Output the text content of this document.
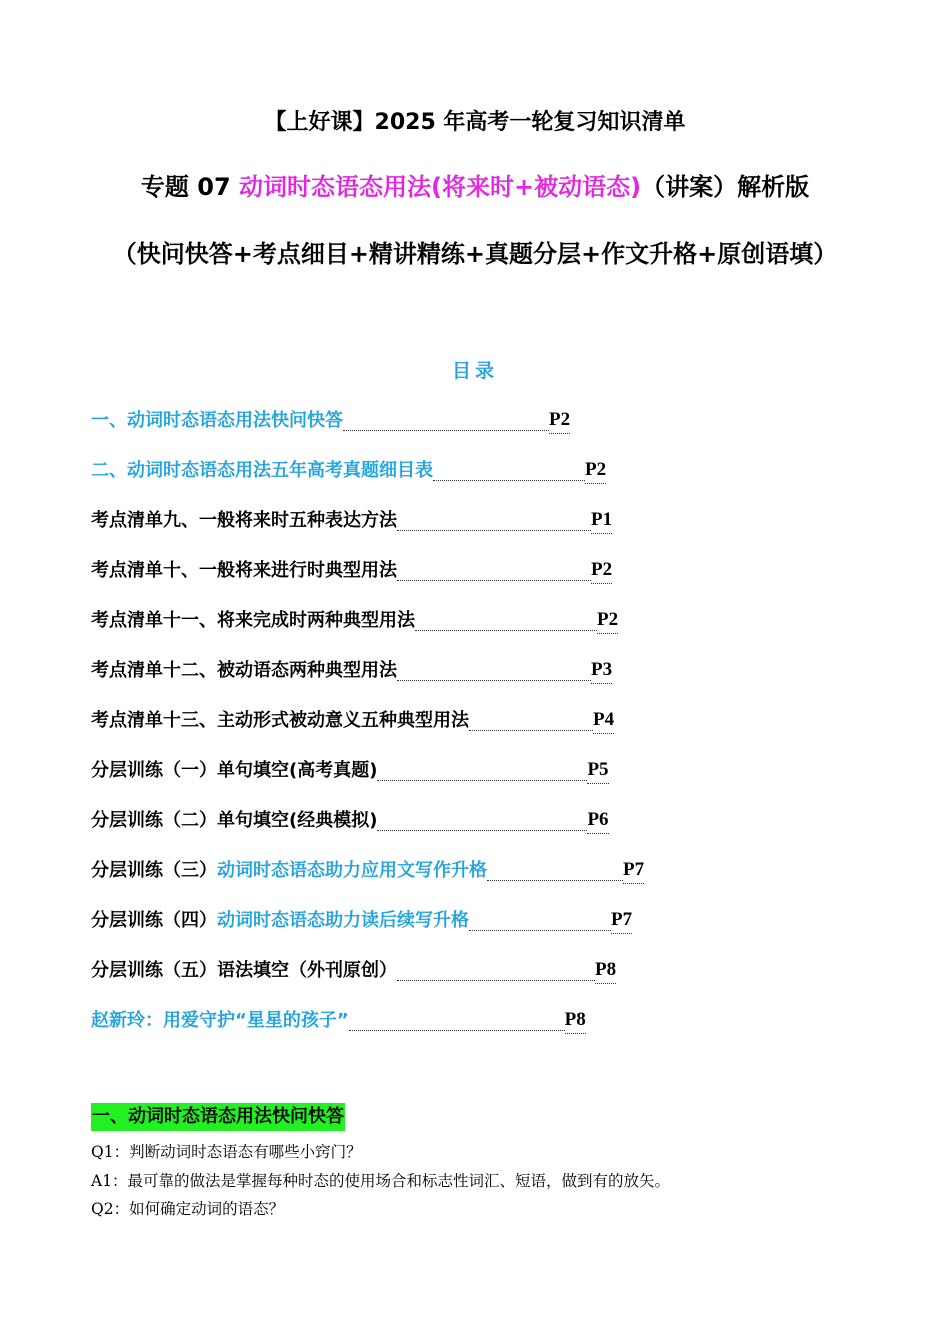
【上好课】2025 年高考一轮复习知识清单
专题 07 动词时态语态用法(将来时+被动语态)（讲案）解析版
（快问快答+考点细目+精讲精练+真题分层+作文升格+原创语填）
目录
一、动词时态语态用法快问快答	P2
二、动词时态语态用法五年高考真题细目表	P2
考点清单九、一般将来时五种表达方法	P1
考点清单十、一般将来进行时典型用法	P2
考点清单十一、将来完成时两种典型用法	P2
考点清单十二、被动语态两种典型用法	P3
考点清单十三、主动形式被动意义五种典型用法	P4
分层训练（一）单句填空(高考真题)	P5
分层训练（二）单句填空(经典模拟)	P6
分层训练（三）动词时态语态助力应用文写作升格	P7
分层训练（四）动词时态语态助力读后续写升格	P7
分层训练（五）语法填空（外刊原创）	P8
赵新玲：用爱守护“星星的孩子”	P8
一、动词时态语态用法快问快答
Q1：判断动词时态语态有哪些小窍门？
A1：最可靠的做法是掌握每种时态的使用场合和标志性词汇、短语，做到有的放矢。
Q2：如何确定动词的语态？
